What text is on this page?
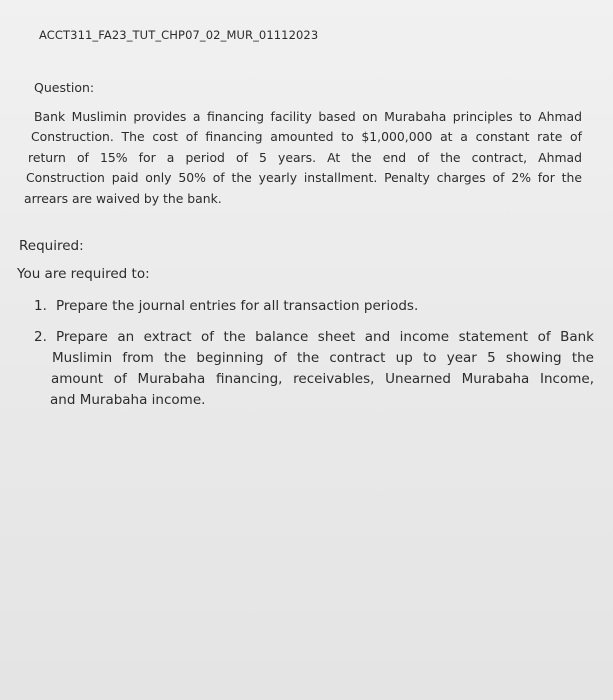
ACCT311_FA23_TUT_CHP07_02_MUR_01112023
Question:
Bank Muslimin provides a financing facility based on Murabaha principles to Ahmad
Construction. The cost of financing amounted to $1,000,000 at a constant rate of
return of 15% for a period of 5 years. At the end of the contract, Ahmad
Construction paid only 50% of the yearly installment. Penalty charges of 2% for the
arrears are waived by the bank.
Required:
You are required to:
1. Prepare the journal entries for all transaction periods.
2. Prepare an extract of the balance sheet and income statement of Bank
Muslimin from the beginning of the contract up to year 5 showing the
amount of Murabaha financing, receivables, Unearned Murabaha Income,
and Murabaha income.
